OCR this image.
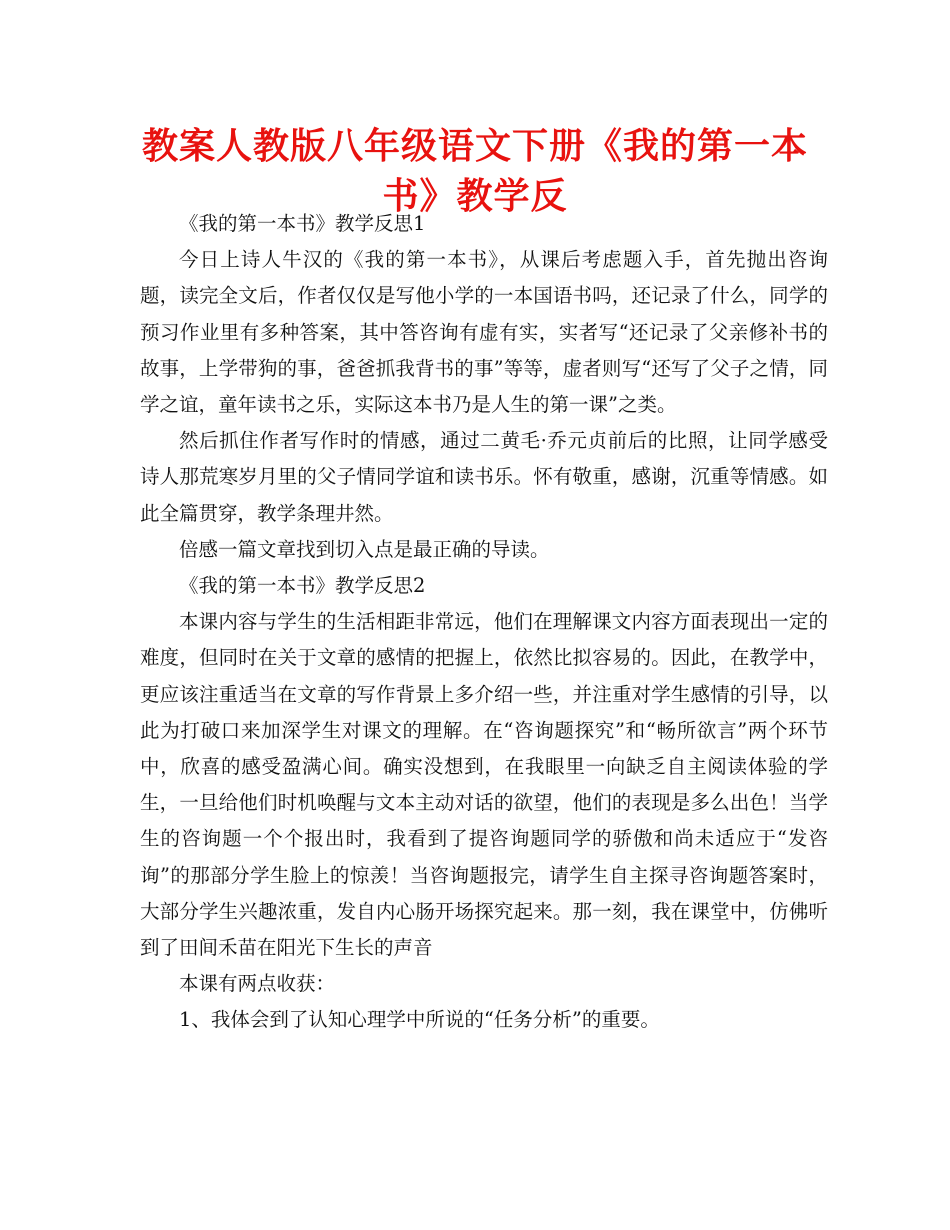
教案人教版八年级语文下册《我的第一本书》教学反

《我的第一本书》教学反思1

今日上诗人牛汉的《我的第一本书》，从课后考虑题入手，首先抛出咨询题，读完全文后，作者仅仅是写他小学的一本国语书吗，还记录了什么，同学的预习作业里有多种答案，其中答咨询有虚有实，实者写“还记录了父亲修补书的故事，上学带狗的事，爸爸抓我背书的事”等等，虚者则写“还写了父子之情，同学之谊，童年读书之乐，实际这本书乃是人生的第一课”之类。

然后抓住作者写作时的情感，通过二黄毛·乔元贞前后的比照，让同学感受诗人那荒寒岁月里的父子情同学谊和读书乐。怀有敬重，感谢，沉重等情感。如此全篇贯穿，教学条理井然。

倍感一篇文章找到切入点是最正确的导读。

《我的第一本书》教学反思2

本课内容与学生的生活相距非常远，他们在理解课文内容方面表现出一定的难度，但同时在关于文章的感情的把握上，依然比拟容易的。因此，在教学中，更应该注重适当在文章的写作背景上多介绍一些，并注重对学生感情的引导，以此为打破口来加深学生对课文的理解。在“咨询题探究”和“畅所欲言”两个环节中，欣喜的感受盈满心间。确实没想到，在我眼里一向缺乏自主阅读体验的学生，一旦给他们时机唤醒与文本主动对话的欲望，他们的表现是多么出色！当学生的咨询题一个个报出时，我看到了提咨询题同学的骄傲和尚未适应于“发咨询”的那部分学生脸上的惊羡！当咨询题报完，请学生自主探寻咨询题答案时，大部分学生兴趣浓重，发自内心肠开场探究起来。那一刻，我在课堂中，仿佛听到了田间禾苗在阳光下生长的声音

本课有两点收获：

1、我体会到了认知心理学中所说的“任务分析”的重要。
